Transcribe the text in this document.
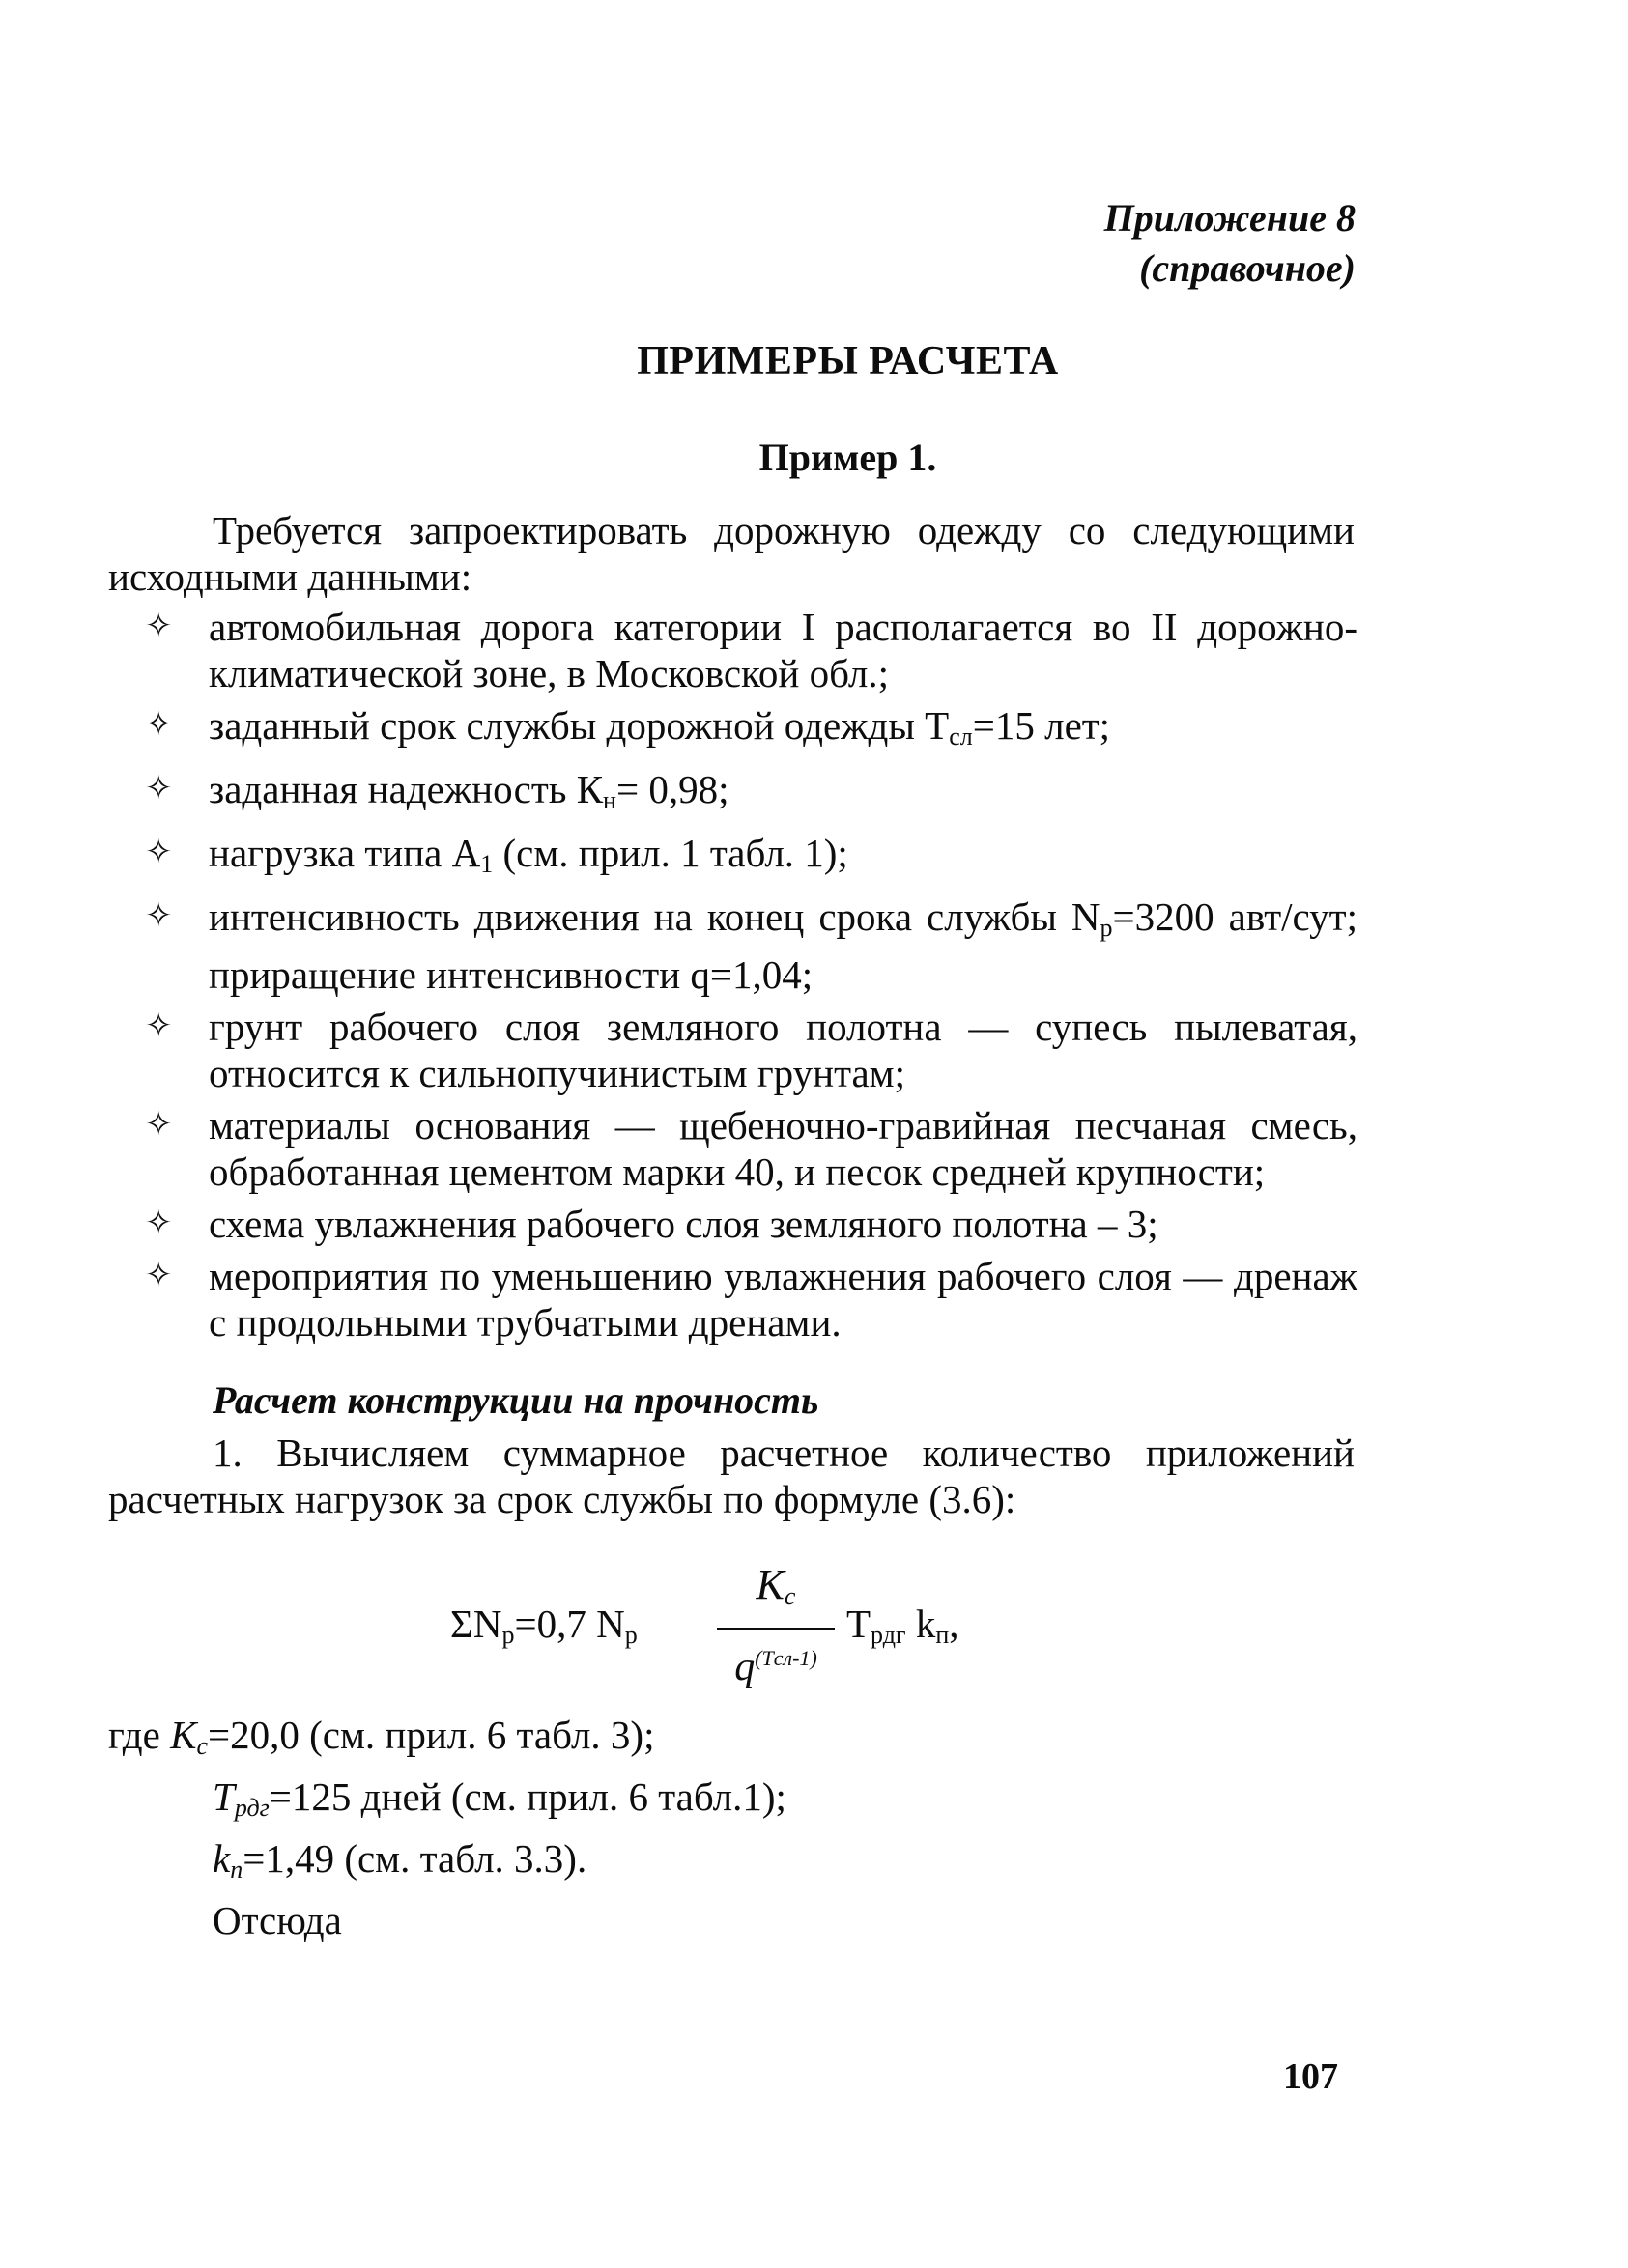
Приложение 8
(справочное)
ПРИМЕРЫ РАСЧЕТА
Пример 1.
Требуется запроектировать дорожную одежду со следующими исходными данными:
✧ автомобильная дорога категории I располагается во II дорожно-климатической зоне, в Московской обл.;
✧ заданный срок службы дорожной одежды $Т_{сл}=15$ лет;
✧ заданная надежность $К_н= 0,98$;
✧ нагрузка типа $А_1$ (см. прил. 1 табл. 1);
✧ интенсивность движения на конец срока службы $N_р=3200$ авт/сут; приращение интенсивности q=1,04;
✧ грунт рабочего слоя земляного полотна — супесь пылеватая, относится к сильнопучинистым грунтам;
✧ материалы основания — щебеночно-гравийная песчаная смесь, обработанная цементом марки 40, и песок средней крупности;
✧ схема увлажнения рабочего слоя земляного полотна – 3;
✧ мероприятия по уменьшению увлажнения рабочего слоя — дренаж с продольными трубчатыми дренами.
Расчет конструкции на прочность
1. Вычисляем суммарное расчетное количество приложений расчетных нагрузок за срок службы по формуле (3.6):
$\Sigma N_р=0,7$ $N_р$
$K_c$
$q^{(Tсл-1)}$
$Т_{рдг}$ $k_п$,
где $K_c=20,0$ (см. прил. 6 табл. 3);
$T_{рдг}=125$ дней (см. прил. 6 табл.1);
$k_п=1,49$ (см. табл. 3.3).
Отсюда
107
